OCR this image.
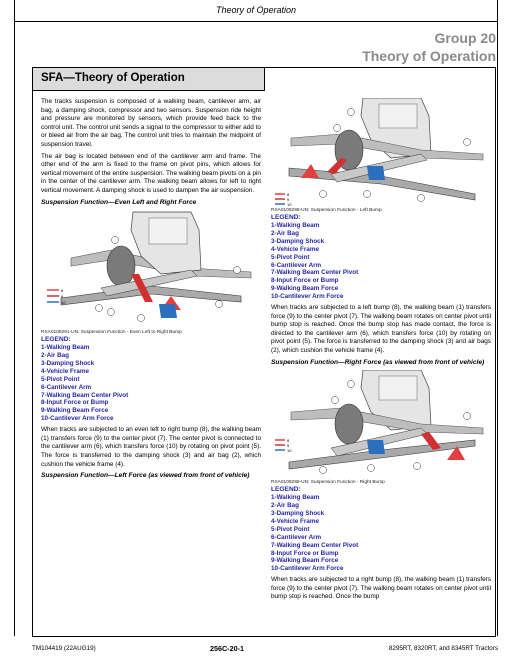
Theory of Operation
Group 20
Theory of Operation
SFA—Theory of Operation

The tracks suspension is composed of a walking beam, cantilever arm, air bag, a damping shock, compressor and two sensors. Suspension ride height and pressure are monitored by sensors, which provide feed back to the control unit. The control unit sends a signal to the compressor to either add to or bleed air from the air bag. The control unit tries to maintain the midpoint of suspension travel.

The air bag is located between end of the cantilever arm and frame. The other end of the arm is fixed to the frame on pivot pins, which allows for vertical movement of the entire suspension. The walking beam pivots on a pin in the center of the cantilever arm. The walking beam allows for left to right vertical movement. A damping shock is used to dampen the air suspension.

Suspension Function—Even Left and Right Force

8
9
10

RXA0109291-UN: Suspension Function - Even Left to Right Bump

LEGEND:
1-Walking Beam
2-Air Bag
3-Damping Shock
4-Vehicle Frame
5-Pivot Point
6-Cantilever Arm
7-Walking Beam Center Pivot
8-Input Force or Bump
9-Walking Beam Force
10-Cantilever Arm Force

When tracks are subjected to an even left to right bump (8), the walking beam (1) transfers force (9) to the center pivot (7). The center pivot is connected to the cantilever arm (6), which transfers force (10) by rotating on pivot point (5). The force is transferred to the damping shock (3) and air bag (2), which cushion the vehicle frame (4).

Suspension Function—Left Force (as viewed from front of vehicle)

8
9
10

RXA0109298-UN: Suspension Function - Left Bump

LEGEND:
1-Walking Beam
2-Air Bag
3-Damping Shock
4-Vehicle Frame
5-Pivot Point
6-Cantilever Arm
7-Walking Beam Center Pivot
8-Input Force or Bump
9-Walking Beam Force
10-Cantilever Arm Force

When tracks are subjected to a left bump (8), the walking beam (1) transfers force (9) to the center pivot (7). The walking beam rotates on center pivot until bump stop is reached. Once the bump stop has made contact, the force is directed to the cantilever arm (6), which transfers force (10) by rotating on pivot point (5). The force is transferred to the damping shock (3) and air bags (2), which cushion the vehicle frame (4).

Suspension Function—Right Force (as viewed from front of vehicle)

8
9
10

RXA0109299-UN: Suspension Function - Right Bump

LEGEND:
1-Walking Beam
2-Air Bag
3-Damping Shock
4-Vehicle Frame
5-Pivot Point
6-Cantilever Arm
7-Walking Beam Center Pivot
8-Input Force or Bump
9-Walking Beam Force
10-Cantilever Arm Force

When tracks are subjected to a right bump (8), the walking beam (1) transfers force (9) to the center pivot (7). The walking beam rotates on center pivot until bump stop is reached. Once the bump

TM104419 (22AUG19)	256C-20-1	8295RT, 8320RT, and 8345RT Tractors
